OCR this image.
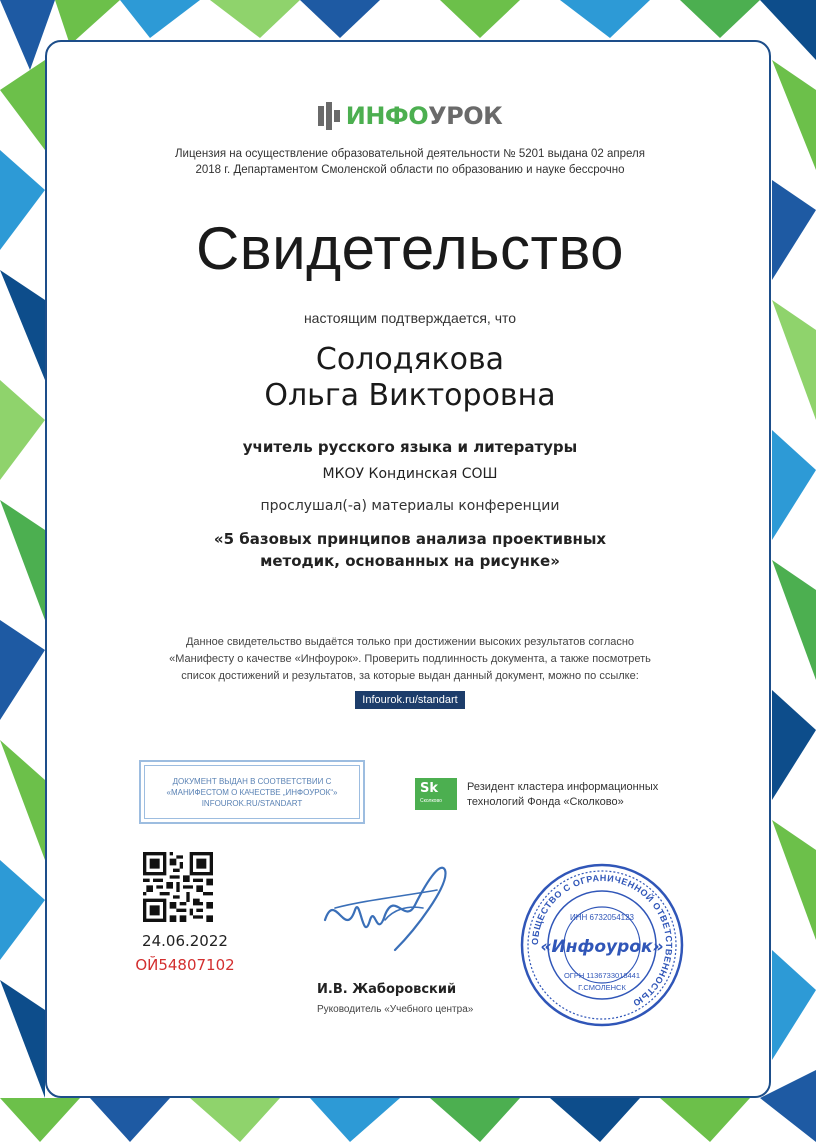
ИНФОУРОК
Лицензия на осуществление образовательной деятельности № 5201 выдана 02 апреля
2018 г. Департаментом Смоленской области по образованию и науке бессрочно
Свидетельство
настоящим подтверждается, что
Солодякова
Ольга Викторовна
учитель русского языка и литературы
МКОУ Кондинская СОШ
прослушал(-а) материалы конференции
«5 базовых принципов анализа проективных
методик, основанных на рисунке»
Данное свидетельство выдаётся только при достижении высоких результатов согласно
«Манифесту о качестве «Инфоурок». Проверить подлинность документа, а также посмотреть
список достижений и результатов, за которые выдан данный документ, можно по ссылке:
Infourok.ru/standart
ДОКУМЕНТ ВЫДАН В СООТВЕТСТВИИ С
«МАНИФЕСТОМ О КАЧЕСТВЕ „ИНФОУРОК“»
INFOUROK.RU/STANDART
Sk
Сколково
Резидент кластера информационных
технологий Фонда «Сколково»
24.06.2022
ОЙ54807102
И.В. Жаборовский
Руководитель «Учебного центра»
ОБЩЕСТВО С ОГРАНИЧЕННОЙ ОТВЕТСТВЕННОСТЬЮ
ИНН 6732054123
«Инфоурок»
ОГРН 1136733018441
Г.СМОЛЕНСК
